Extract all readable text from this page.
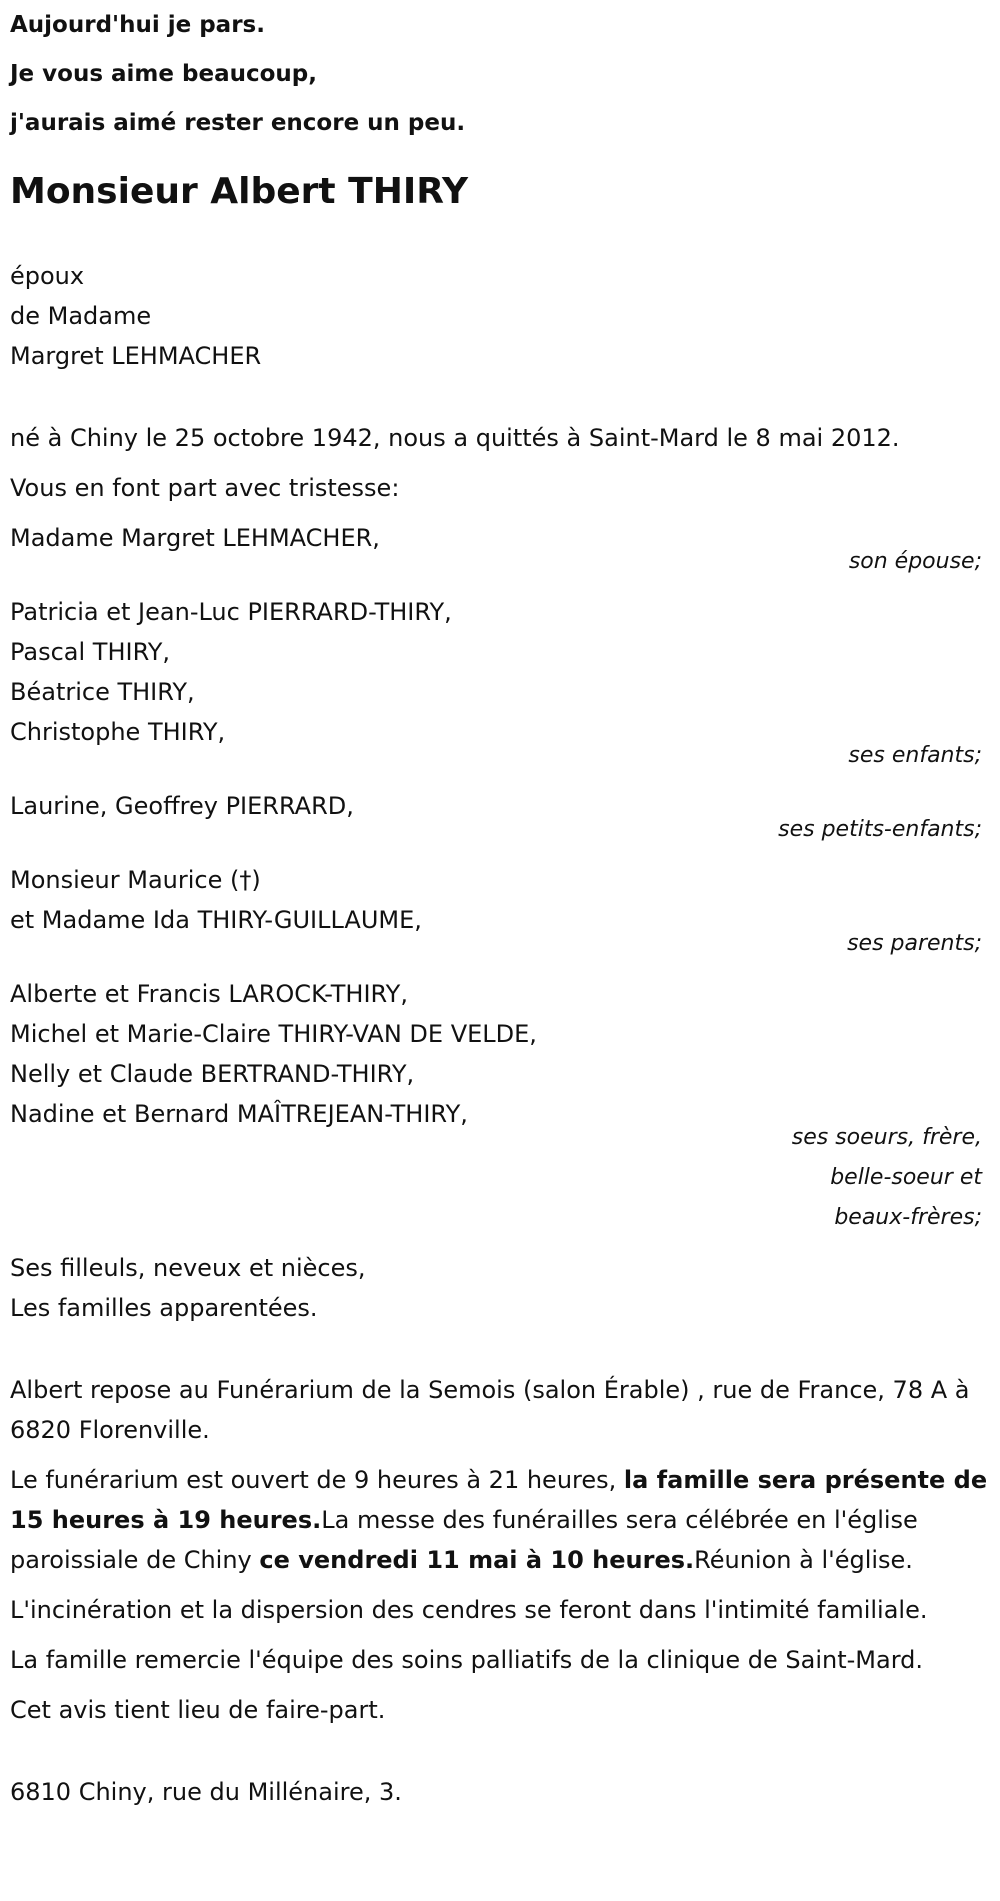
Aujourd'hui je pars.
Je vous aime beaucoup,
j'aurais aimé rester encore un peu.
Monsieur Albert THIRY
époux
de Madame
Margret LEHMACHER

né à Chiny le 25 octobre 1942, nous a quittés à Saint-Mard le 8 mai 2012.

Vous en font part avec tristesse:

Madame Margret LEHMACHER,
son épouse;
Patricia et Jean-Luc PIERRARD-THIRY,
Pascal THIRY,
Béatrice THIRY,
Christophe THIRY,
ses enfants;
Laurine, Geoffrey PIERRARD,
ses petits-enfants;
Monsieur Maurice (†)
et Madame Ida THIRY-GUILLAUME,
ses parents;
Alberte et Francis LAROCK-THIRY,
Michel et Marie-Claire THIRY-VAN DE VELDE,
Nelly et Claude BERTRAND-THIRY,
Nadine et Bernard MAÎTREJEAN-THIRY,
ses soeurs, frère,
belle-soeur et
beaux-frères;
Ses filleuls, neveux et nièces,
Les familles apparentées.

Albert repose au Funérarium de la Semois (salon Érable) , rue de France, 78 A à 6820 Florenville.

Le funérarium est ouvert de 9 heures à 21 heures, la famille sera présente de 15 heures à 19 heures.La messe des funérailles sera célébrée en l'église paroissiale de Chiny ce vendredi 11 mai à 10 heures.Réunion à l'église.

L'incinération et la dispersion des cendres se feront dans l'intimité familiale.

La famille remercie l'équipe des soins palliatifs de la clinique de Saint-Mard.

Cet avis tient lieu de faire-part.

6810 Chiny, rue du Millénaire, 3.
